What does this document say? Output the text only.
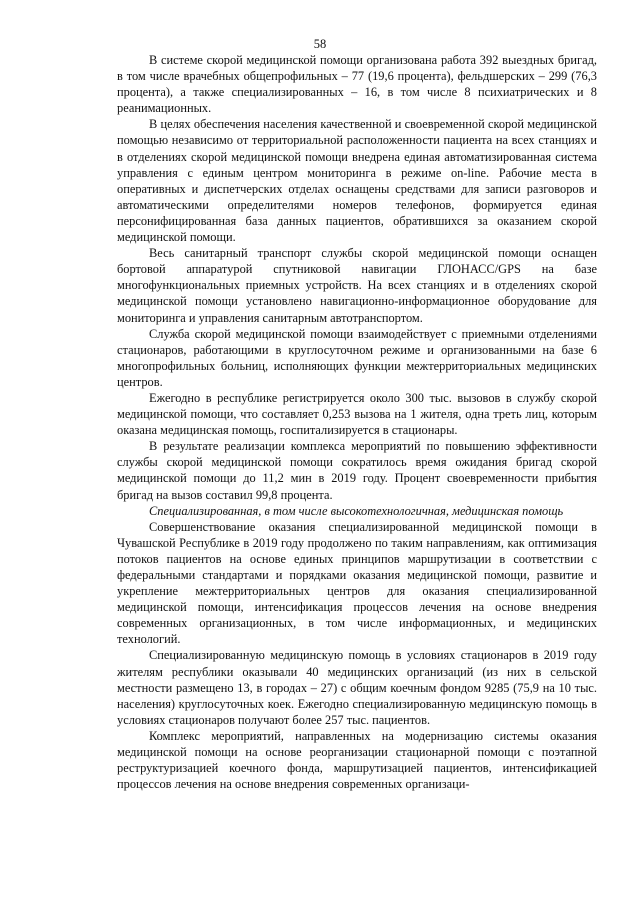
58

В системе скорой медицинской помощи организована работа 392 выездных бригад, в том числе врачебных общепрофильных – 77 (19,6 процента), фельдшерских – 299 (76,3 процента), а также специализированных – 16, в том числе 8 психиатрических и 8 реанимационных.

В целях обеспечения населения качественной и своевременной скорой медицинской помощью независимо от территориальной расположенности пациента на всех станциях и в отделениях скорой медицинской помощи внедрена единая автоматизированная система управления с единым центром мониторинга в режиме on-line. Рабочие места в оперативных и диспетчерских отделах оснащены средствами для записи разговоров и автоматическими определителями номеров телефонов, формируется единая персонифицированная база данных пациентов, обратившихся за оказанием скорой медицинской помощи.

Весь санитарный транспорт службы скорой медицинской помощи оснащен бортовой аппаратурой спутниковой навигации ГЛОНАСС/GPS на базе многофункциональных приемных устройств. На всех станциях и в отделениях скорой медицинской помощи установлено навигационно-информационное оборудование для мониторинга и управления санитарным автотранспортом.

Служба скорой медицинской помощи взаимодействует с приемными отделениями стационаров, работающими в круглосуточном режиме и организованными на базе 6 многопрофильных больниц, исполняющих функции межтерриториальных медицинских центров.

Ежегодно в республике регистрируется около 300 тыс. вызовов в службу скорой медицинской помощи, что составляет 0,253 вызова на 1 жителя, одна треть лиц, которым оказана медицинская помощь, госпитализируется в стационары.

В результате реализации комплекса мероприятий по повышению эффективности службы скорой медицинской помощи сократилось время ожидания бригад скорой медицинской помощи до 11,2 мин в 2019 году. Процент своевременности прибытия бригад на вызов составил 99,8 процента.

Специализированная, в том числе высокотехнологичная, медицинская помощь

Совершенствование оказания специализированной медицинской помощи в Чувашской Республике в 2019 году продолжено по таким направлениям, как оптимизация потоков пациентов на основе единых принципов маршрутизации в соответствии с федеральными стандартами и порядками оказания медицинской помощи, развитие и укрепление межтерриториальных центров для оказания специализированной медицинской помощи, интенсификация процессов лечения на основе внедрения современных организационных, в том числе информационных, и медицинских технологий.

Специализированную медицинскую помощь в условиях стационаров в 2019 году жителям республики оказывали 40 медицинских организаций (из них в сельской местности размещено 13, в городах – 27) с общим коечным фондом 9285 (75,9 на 10 тыс. населения) круглосуточных коек. Ежегодно специализированную медицинскую помощь в условиях стационаров получают более 257 тыс. пациентов.

Комплекс мероприятий, направленных на модернизацию системы оказания медицинской помощи на основе реорганизации стационарной помощи с поэтапной реструктуризацией коечного фонда, маршрутизацией пациентов, интенсификацией процессов лечения на основе внедрения современных организаци-
